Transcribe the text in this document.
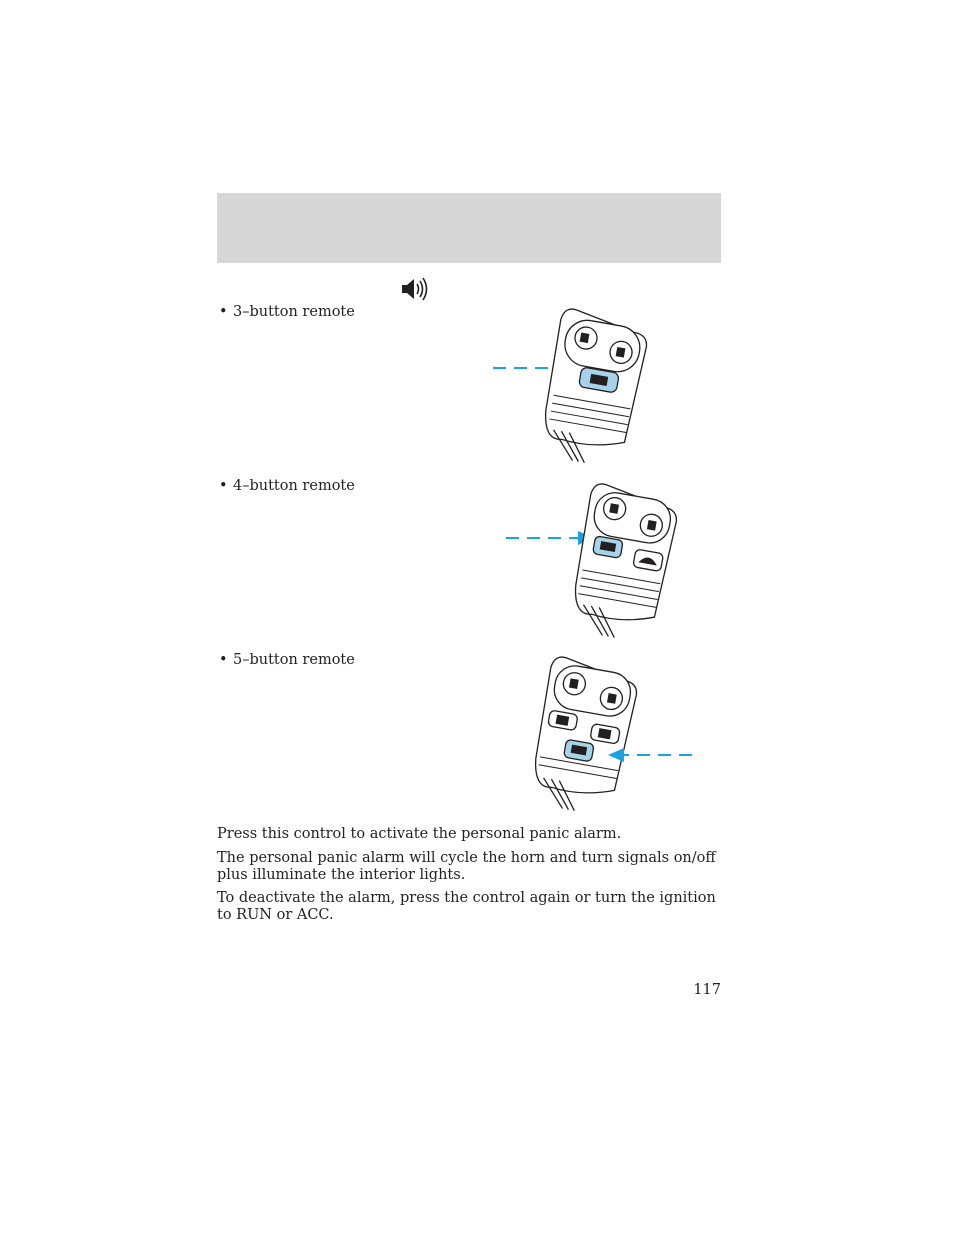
• 3–button remote
• 4–button remote
• 5–button remote

Press this control to activate the personal panic alarm.

The personal panic alarm will cycle the horn and turn signals on/off plus illuminate the interior lights.

To deactivate the alarm, press the control again or turn the ignition to RUN or ACC.

117
